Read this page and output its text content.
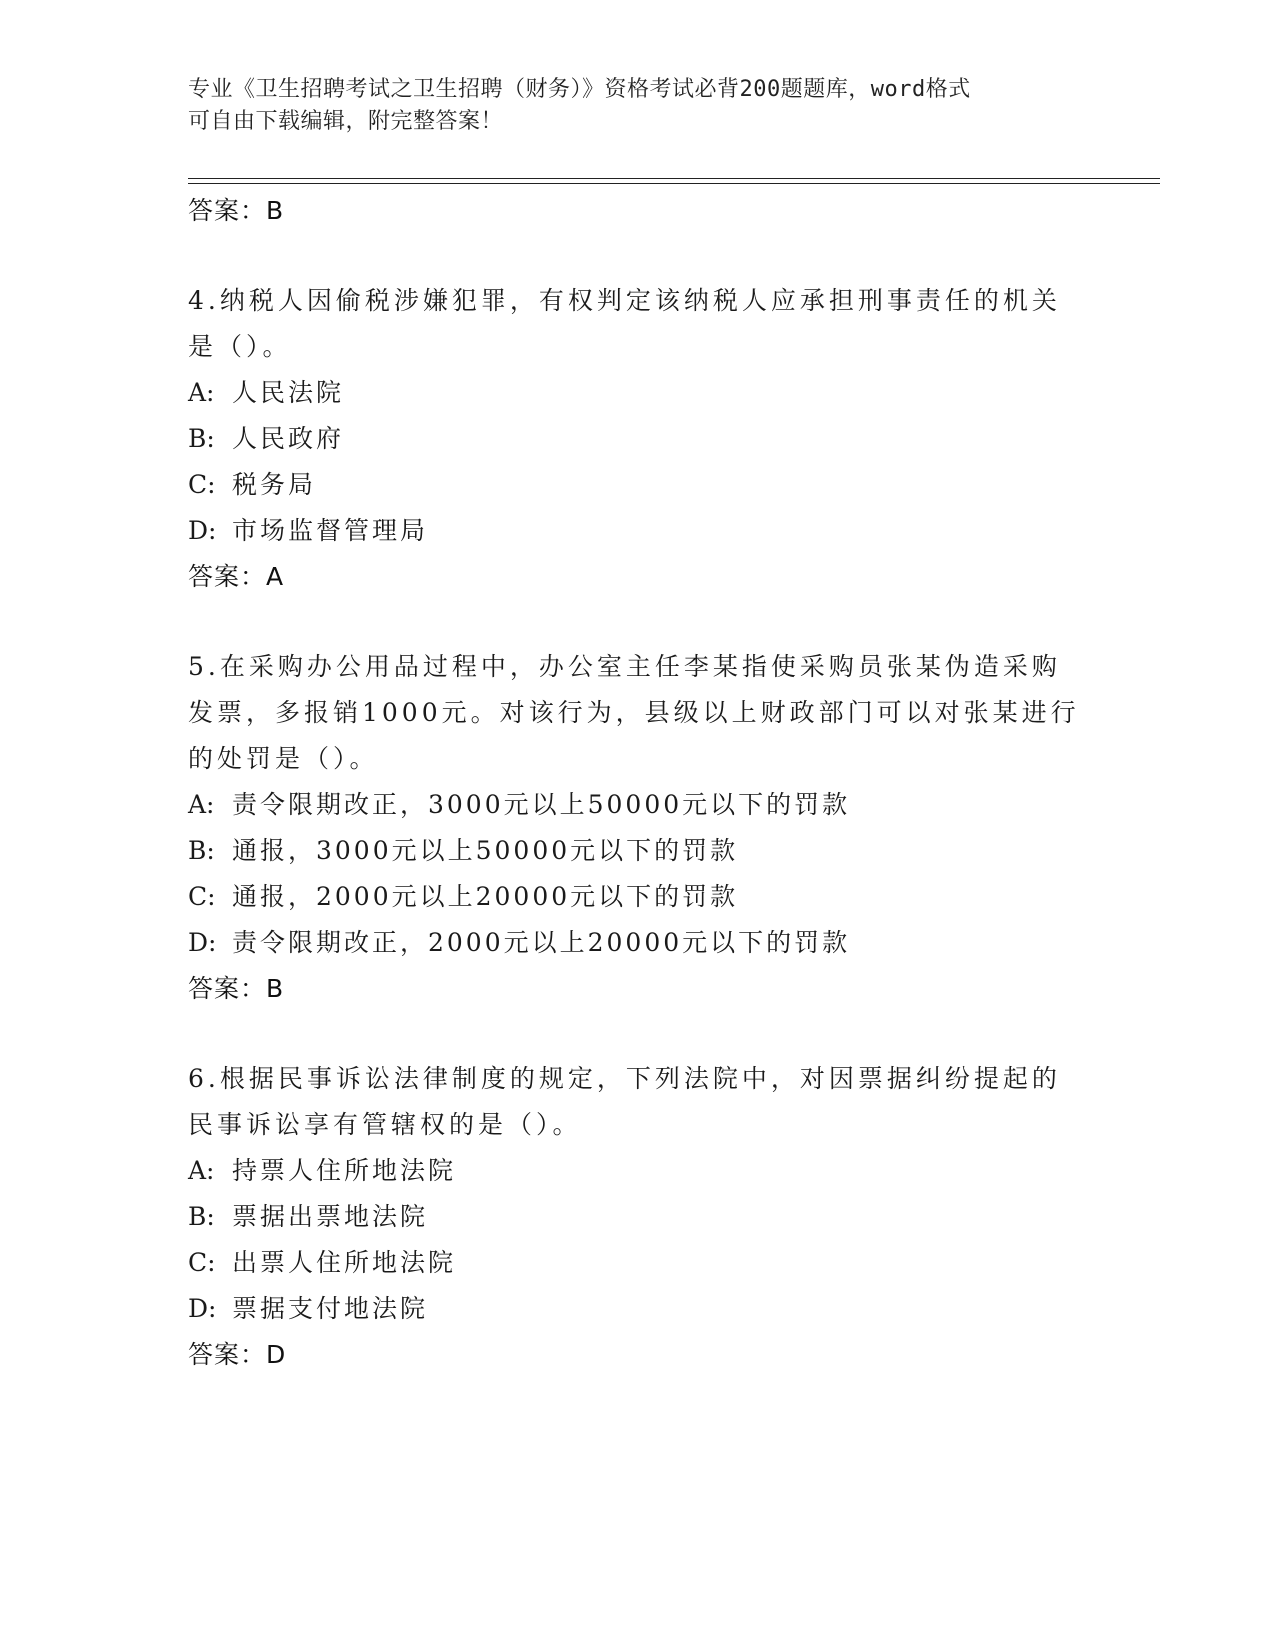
专业《卫生招聘考试之卫生招聘（财务）》资格考试必背200题题库，word格式
可自由下载编辑，附完整答案！
答案：B
4.纳税人因偷税涉嫌犯罪，有权判定该纳税人应承担刑事责任的机关
是（）。
A: 人民法院
B: 人民政府
C: 税务局
D: 市场监督管理局
答案：A
5.在采购办公用品过程中，办公室主任李某指使采购员张某伪造采购
发票，多报销1000元。对该行为，县级以上财政部门可以对张某进行
的处罚是（）。
A: 责令限期改正，3000元以上50000元以下的罚款
B: 通报，3000元以上50000元以下的罚款
C: 通报，2000元以上20000元以下的罚款
D: 责令限期改正，2000元以上20000元以下的罚款
答案：B
6.根据民事诉讼法律制度的规定，下列法院中，对因票据纠纷提起的
民事诉讼享有管辖权的是（）。
A: 持票人住所地法院
B: 票据出票地法院
C: 出票人住所地法院
D: 票据支付地法院
答案：D
